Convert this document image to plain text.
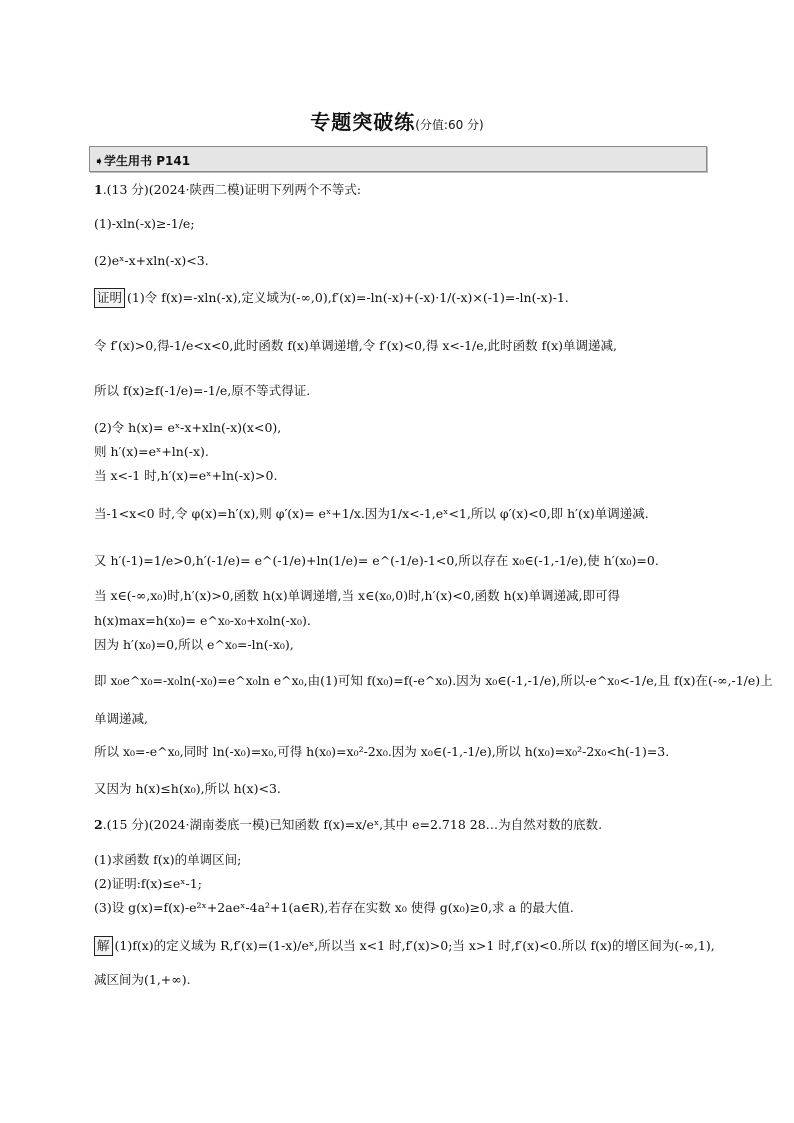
专题突破练(分值:60 分)
➧学生用书 P141
1.(13 分)(2024·陕西二模)证明下列两个不等式:
(1)-xln(-x)≥-1/e;
(2)eˣ-x+xln(-x)<3.
证明 (1)令 f(x)=-xln(-x),定义域为(-∞,0),f′(x)=-ln(-x)+(-x)·1/(-x)×(-1)=-ln(-x)-1.
令 f′(x)>0,得-1/e<x<0,此时函数 f(x)单调递增,令 f′(x)<0,得 x<-1/e,此时函数 f(x)单调递减,
所以 f(x)≥f(-1/e)=-1/e,原不等式得证.
(2)令 h(x)= eˣ-x+xln(-x)(x<0),
则 h′(x)=eˣ+ln(-x).
当 x<-1 时,h′(x)=eˣ+ln(-x)>0.
当-1<x<0 时,令 φ(x)=h′(x),则 φ′(x)= eˣ+1/x.因为1/x<-1,eˣ<1,所以 φ′(x)<0,即 h′(x)单调递减.
又 h′(-1)=1/e>0,h′(-1/e)= e^(-1/e)+ln(1/e)= e^(-1/e)-1<0,所以存在 x₀∈(-1,-1/e),使 h′(x₀)=0.
当 x∈(-∞,x₀)时,h′(x)>0,函数 h(x)单调递增,当 x∈(x₀,0)时,h′(x)<0,函数 h(x)单调递减,即可得
h(x)max=h(x₀)= e^x₀-x₀+x₀ln(-x₀).
因为 h′(x₀)=0,所以 e^x₀=-ln(-x₀),
即 x₀e^x₀=-x₀ln(-x₀)=e^x₀ln e^x₀,由(1)可知 f(x₀)=f(-e^x₀).因为 x₀∈(-1,-1/e),所以-e^x₀<-1/e,且 f(x)在(-∞,-1/e)上
单调递减,
所以 x₀=-e^x₀,同时 ln(-x₀)=x₀,可得 h(x₀)=x₀²-2x₀.因为 x₀∈(-1,-1/e),所以 h(x₀)=x₀²-2x₀<h(-1)=3.
又因为 h(x)≤h(x₀),所以 h(x)<3.
2.(15 分)(2024·湖南娄底一模)已知函数 f(x)=x/eˣ,其中 e=2.718 28…为自然对数的底数.
(1)求函数 f(x)的单调区间;
(2)证明:f(x)≤eˣ-1;
(3)设 g(x)=f(x)-e²ˣ+2aeˣ-4a²+1(a∈R),若存在实数 x₀ 使得 g(x₀)≥0,求 a 的最大值.
解 (1)f(x)的定义域为 R,f′(x)=(1-x)/eˣ,所以当 x<1 时,f′(x)>0;当 x>1 时,f′(x)<0.所以 f(x)的增区间为(-∞,1),
减区间为(1,+∞).
